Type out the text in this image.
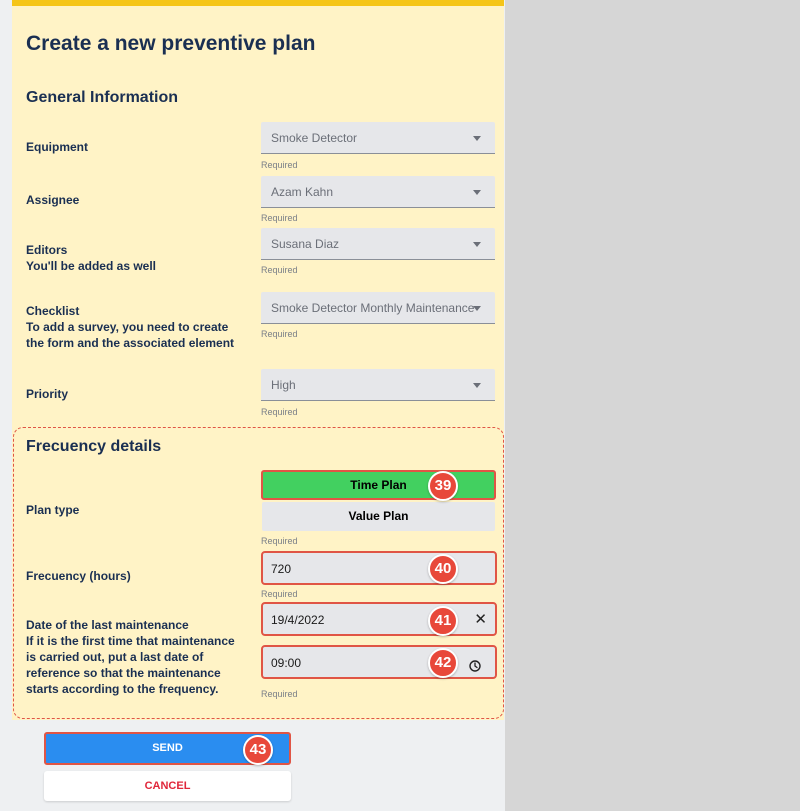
Create a new preventive plan
General Information
Equipment
Smoke Detector
Required
Assignee
Azam Kahn
Required
Editors
You'll be added as well
Susana Diaz
Required
Checklist
To add a survey, you need to create
the form and the associated element
Smoke Detector Monthly Maintenance
Required
Priority
High
Required
Frecuency details
Plan type
Time Plan
Value Plan
Required
39
Frecuency (hours)	720
Required
40
Date of the last maintenance
If it is the first time that maintenance
is carried out, put a last date of
reference so that the maintenance
starts according to the frequency.
19/4/2022	✕
41
09:00
Required
42
SEND	43
CANCEL
